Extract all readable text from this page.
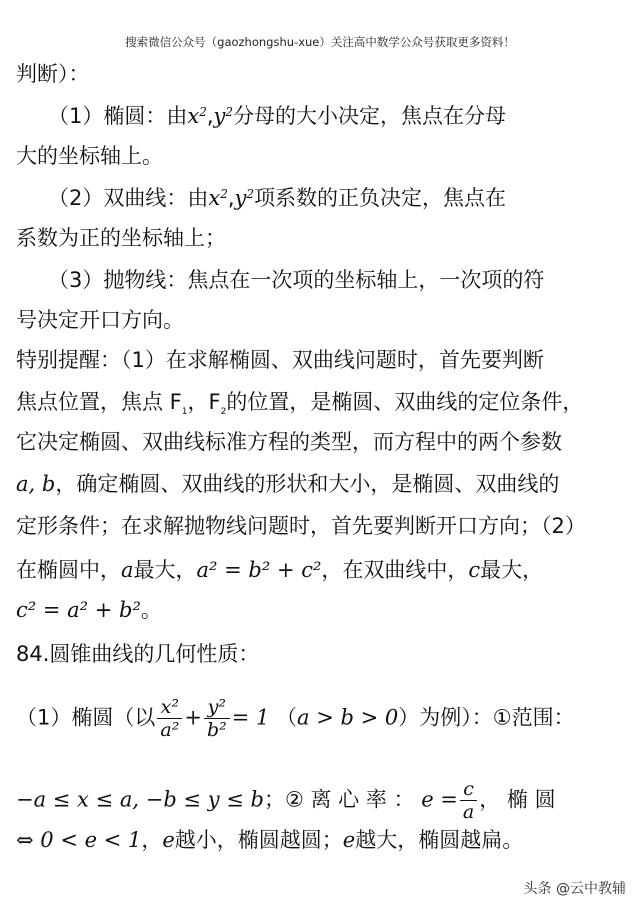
搜索微信公众号（gaozhongshu-xue）关注高中数学公众号获取更多资料！
判断）：
（1）椭圆：由$x^2,y^2$分母的大小决定，焦点在分母
大的坐标轴上。
（2）双曲线：由$x^2,y^2$项系数的正负决定，焦点在
系数为正的坐标轴上；
（3）抛物线：焦点在一次项的坐标轴上，一次项的符
号决定开口方向。
特别提醒：（1）在求解椭圆、双曲线问题时，首先要判断
焦点位置，焦点 $F_1$，$F_2$的位置，是椭圆、双曲线的定位条件，
它决定椭圆、双曲线标准方程的类型，而方程中的两个参数
a, b，确定椭圆、双曲线的形状和大小，是椭圆、双曲线的
定形条件；在求解抛物线问题时，首先要判断开口方向；（2）
在椭圆中，a最大，a² = b² + c²，在双曲线中，c最大，
c² = a² + b²。
84.圆锥曲线的几何性质：
（1）椭圆（以 $\frac{\text{x²}}{\text{a²}} + \frac{\text{y²}}{\text{b²}} = 1$ （a > b > 0）为例）：①范围：
−a ≤ x ≤ a, −b ≤ y ≤ b；② 离 心 率 ： $e = \frac{c}{a}$ ， 椭 圆
⇔ 0 < e < 1，e越小，椭圆越圆；e越大，椭圆越扁。
头条 @云中教辅
